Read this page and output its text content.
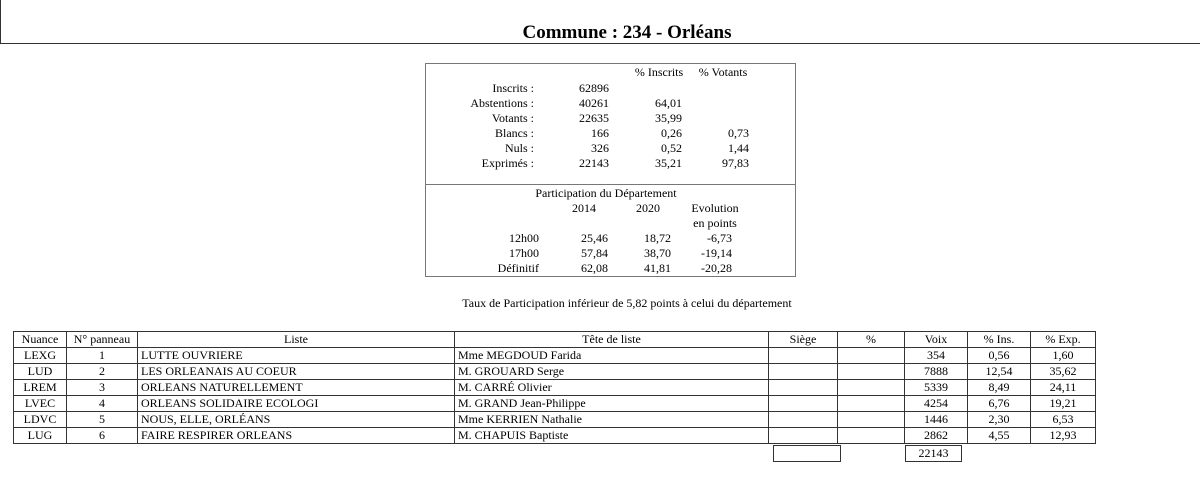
Commune : 234 - Orléans
% Inscrits	% Votants
Inscrits :	62896
Abstentions :	40261	64,01
Votants :	22635	35,99
Blancs :	166	0,26	0,73
Nuls :	326	0,52	1,44
Exprimés :	22143	35,21	97,83
Participation du Département
2014	2020	Evolution
en points
12h00	25,46	18,72	-6,73
17h00	57,84	38,70	-19,14
Définitif	62,08	41,81	-20,28
Taux de Participation inférieur de 5,82 points à celui du département
Nuance	N° panneau	Liste	Tête de liste	Siège	%	Voix	% Ins.	% Exp.
LEXG	1	LUTTE OUVRIERE	Mme MEGDOUD Farida			354	0,56	1,60
LUD	2	LES ORLEANAIS AU COEUR	M. GROUARD Serge			7888	12,54	35,62
LREM	3	ORLEANS NATURELLEMENT	M. CARRÉ Olivier			5339	8,49	24,11
LVEC	4	ORLEANS SOLIDAIRE ECOLOGI	M. GRAND Jean-Philippe			4254	6,76	19,21
LDVC	5	NOUS, ELLE, ORLÉANS	Mme KERRIEN Nathalie			1446	2,30	6,53
LUG	6	FAIRE RESPIRER ORLEANS	M. CHAPUIS Baptiste			2862	4,55	12,93
22143
